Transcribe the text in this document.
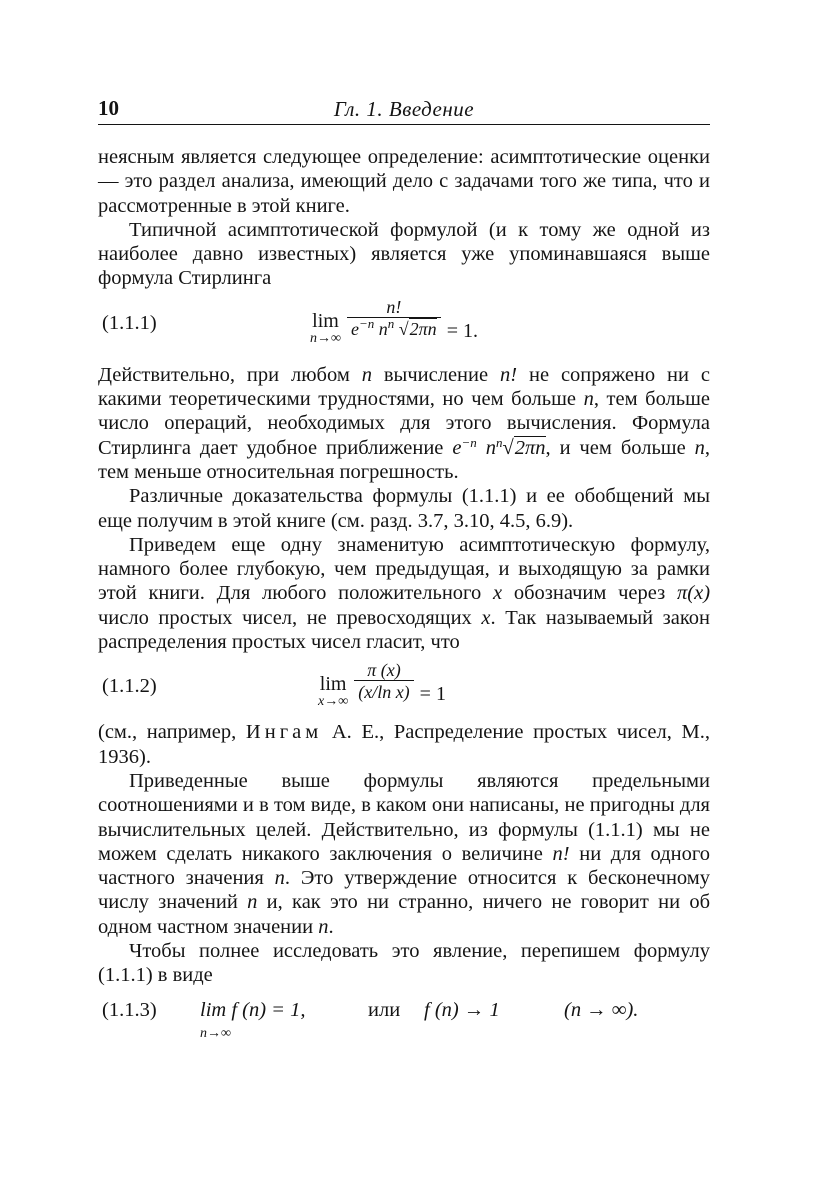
10	Гл. 1. Введение

неясным является следующее определение: асимптотические оценки — это раздел анализа, имеющий дело с задачами того же типа, что и рассмотренные в этой книге.

Типичной асимптотической формулой (и к тому же одной из наиболее давно известных) является уже упоминавшаяся выше формула Стирлинга

(1.1.1)	lim
$n\to\infty \frac{n!}{e^{-n} n^n √2\pi n} = 1$.

Действительно, при любом n вычисление n! не сопряжено ни с какими теоретическими трудностями, но чем больше n, тем больше число операций, необходимых для этого вычисления. Формула Стирлинга дает удобное приближение $e^{-n}$ $n^n√2\pi n$, и чем больше n, тем меньше относительная погрешность.

Различные доказательства формулы (1.1.1) и ее обобщений мы еще получим в этой книге (см. разд. 3.7, 3.10, 4.5, 6.9).

Приведем еще одну знаменитую асимптотическую формулу, намного более глубокую, чем предыдущая, и выходящую за рамки этой книги. Для любого положительного x обозначим через π(x) число простых чисел, не превосходящих x. Так называемый закон распределения простых чисел гласит, что

(1.1.2)	lim
$x\to\infty \frac{\pi (x)}{\text{(x/ln x)}} = 1$

(см., например, Ингам А. Е., Распределение простых чисел, М., 1936).

Приведенные выше формулы являются предельными соотношениями и в том виде, в каком они написаны, не пригодны для вычислительных целей. Действительно, из формулы (1.1.1) мы не можем сделать никакого заключения о величине n! ни для одного частного значения n. Это утверждение относится к бесконечному числу значений n и, как это ни странно, ничего не говорит ни об одном частном значении n.

Чтобы полнее исследовать это явление, перепишем формулу (1.1.1) в виде

(1.1.3) lim f (n) = 1,
n→∞
или f (n) → 1	(n → ∞).
